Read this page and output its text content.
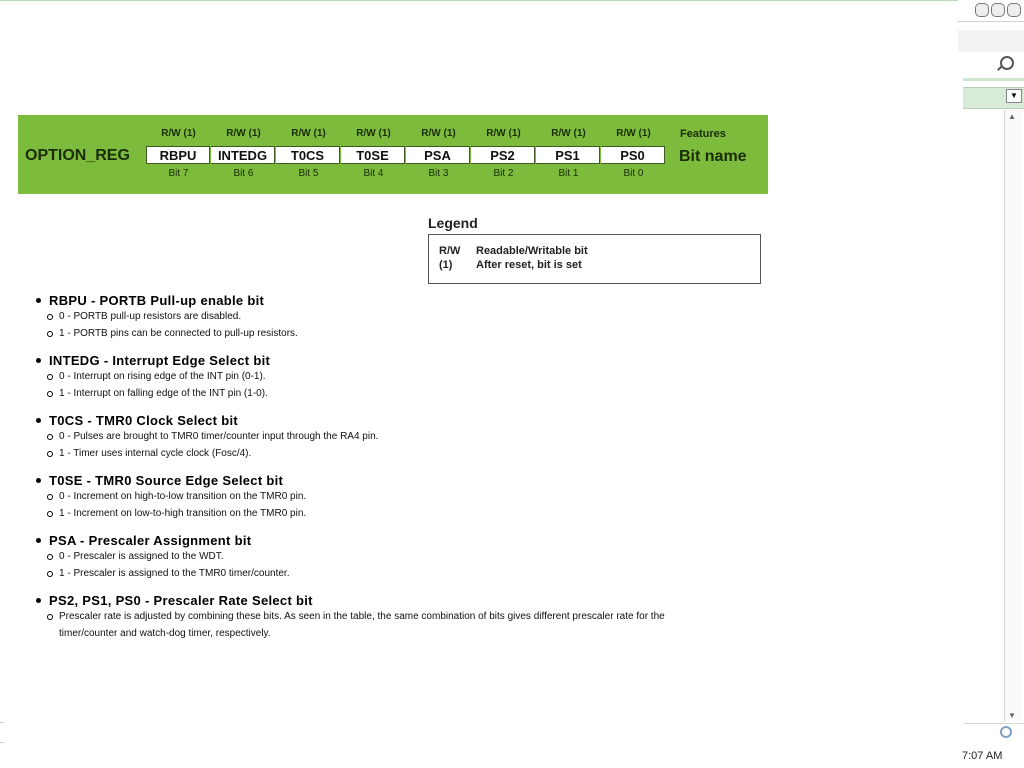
OPTION_REG
Features
Bit name
R/W (1)
RBPU
Bit 7
R/W (1)
INTEDG
Bit 6
R/W (1)
T0CS
Bit 5
R/W (1)
T0SE
Bit 4
R/W (1)
PSA
Bit 3
R/W (1)
PS2
Bit 2
R/W (1)
PS1
Bit 1
R/W (1)
PS0
Bit 0
Legend
R/W Readable/Writable bit
(1) After reset, bit is set
RBPU - PORTB Pull-up enable bit
0 - PORTB pull-up resistors are disabled.
1 - PORTB pins can be connected to pull-up resistors.
INTEDG - Interrupt Edge Select bit
0 - Interrupt on rising edge of the INT pin (0-1).
1 - Interrupt on falling edge of the INT pin (1-0).
T0CS - TMR0 Clock Select bit
0 - Pulses are brought to TMR0 timer/counter input through the RA4 pin.
1 - Timer uses internal cycle clock (Fosc/4).
T0SE - TMR0 Source Edge Select bit
0 - Increment on high-to-low transition on the TMR0 pin.
1 - Increment on low-to-high transition on the TMR0 pin.
PSA - Prescaler Assignment bit
0 - Prescaler is assigned to the WDT.
1 - Prescaler is assigned to the TMR0 timer/counter.
PS2, PS1, PS0 - Prescaler Rate Select bit
Prescaler rate is adjusted by combining these bits. As seen in the table, the same combination of bits gives different prescaler rate for the timer/counter and watch-dog timer, respectively.
▼
▲
▼
7:07 AM
